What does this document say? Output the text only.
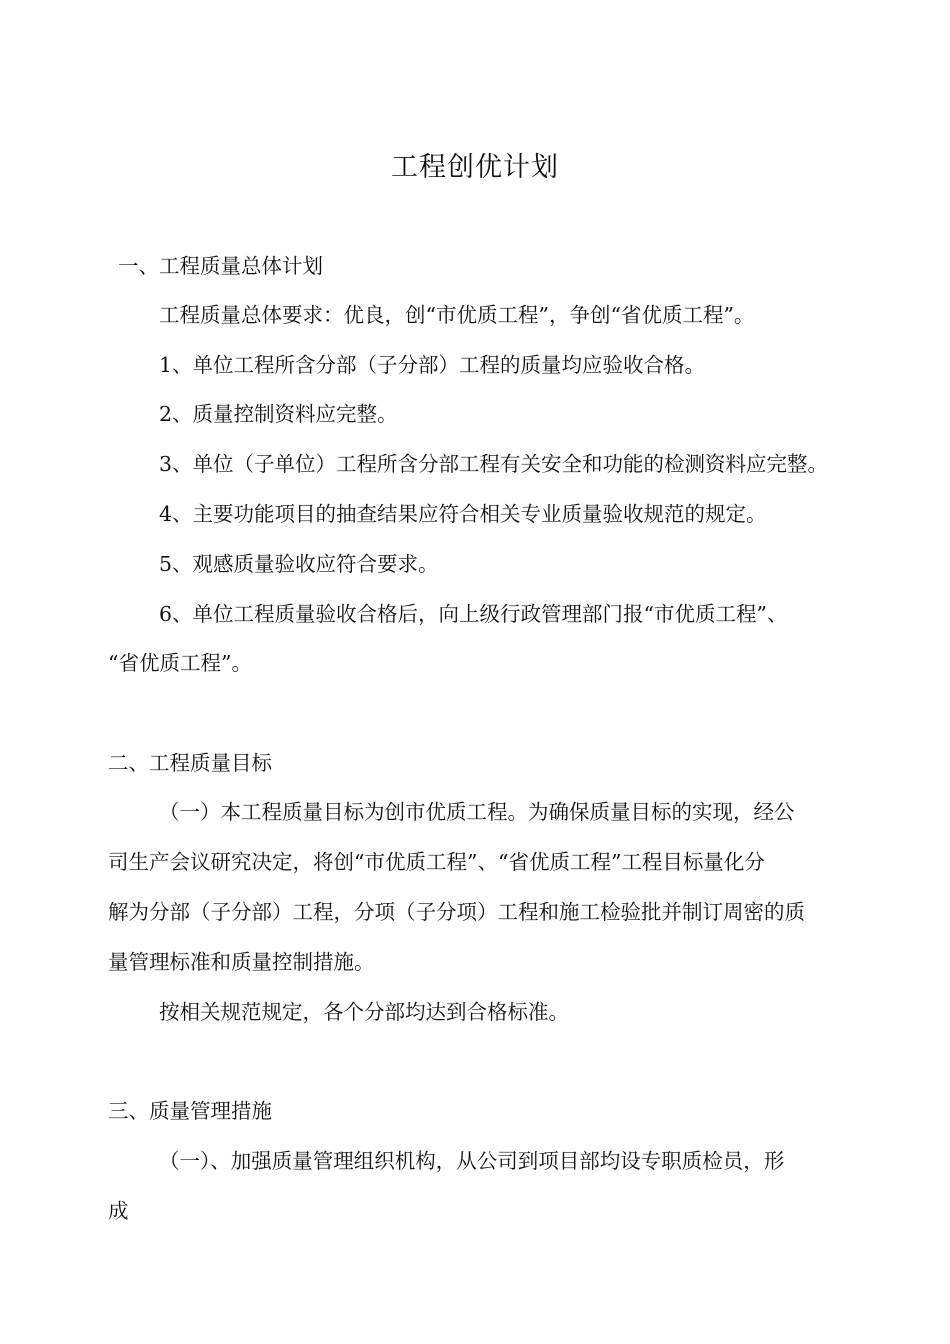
工程创优计划
一、工程质量总体计划
工程质量总体要求：优良，创“市优质工程”，争创“省优质工程”。
1、单位工程所含分部（子分部）工程的质量均应验收合格。
2、质量控制资料应完整。
3、单位（子单位）工程所含分部工程有关安全和功能的检测资料应完整。
4、主要功能项目的抽查结果应符合相关专业质量验收规范的规定。
5、观感质量验收应符合要求。
6、单位工程质量验收合格后，向上级行政管理部门报“市优质工程”、
“省优质工程”。
二、工程质量目标
（一）本工程质量目标为创市优质工程。为确保质量目标的实现，经公
司生产会议研究决定，将创“市优质工程”、“省优质工程”工程目标量化分
解为分部（子分部）工程，分项（子分项）工程和施工检验批并制订周密的质
量管理标准和质量控制措施。
按相关规范规定，各个分部均达到合格标准。
三、质量管理措施
（一）、加强质量管理组织机构，从公司到项目部均设专职质检员，形
成
